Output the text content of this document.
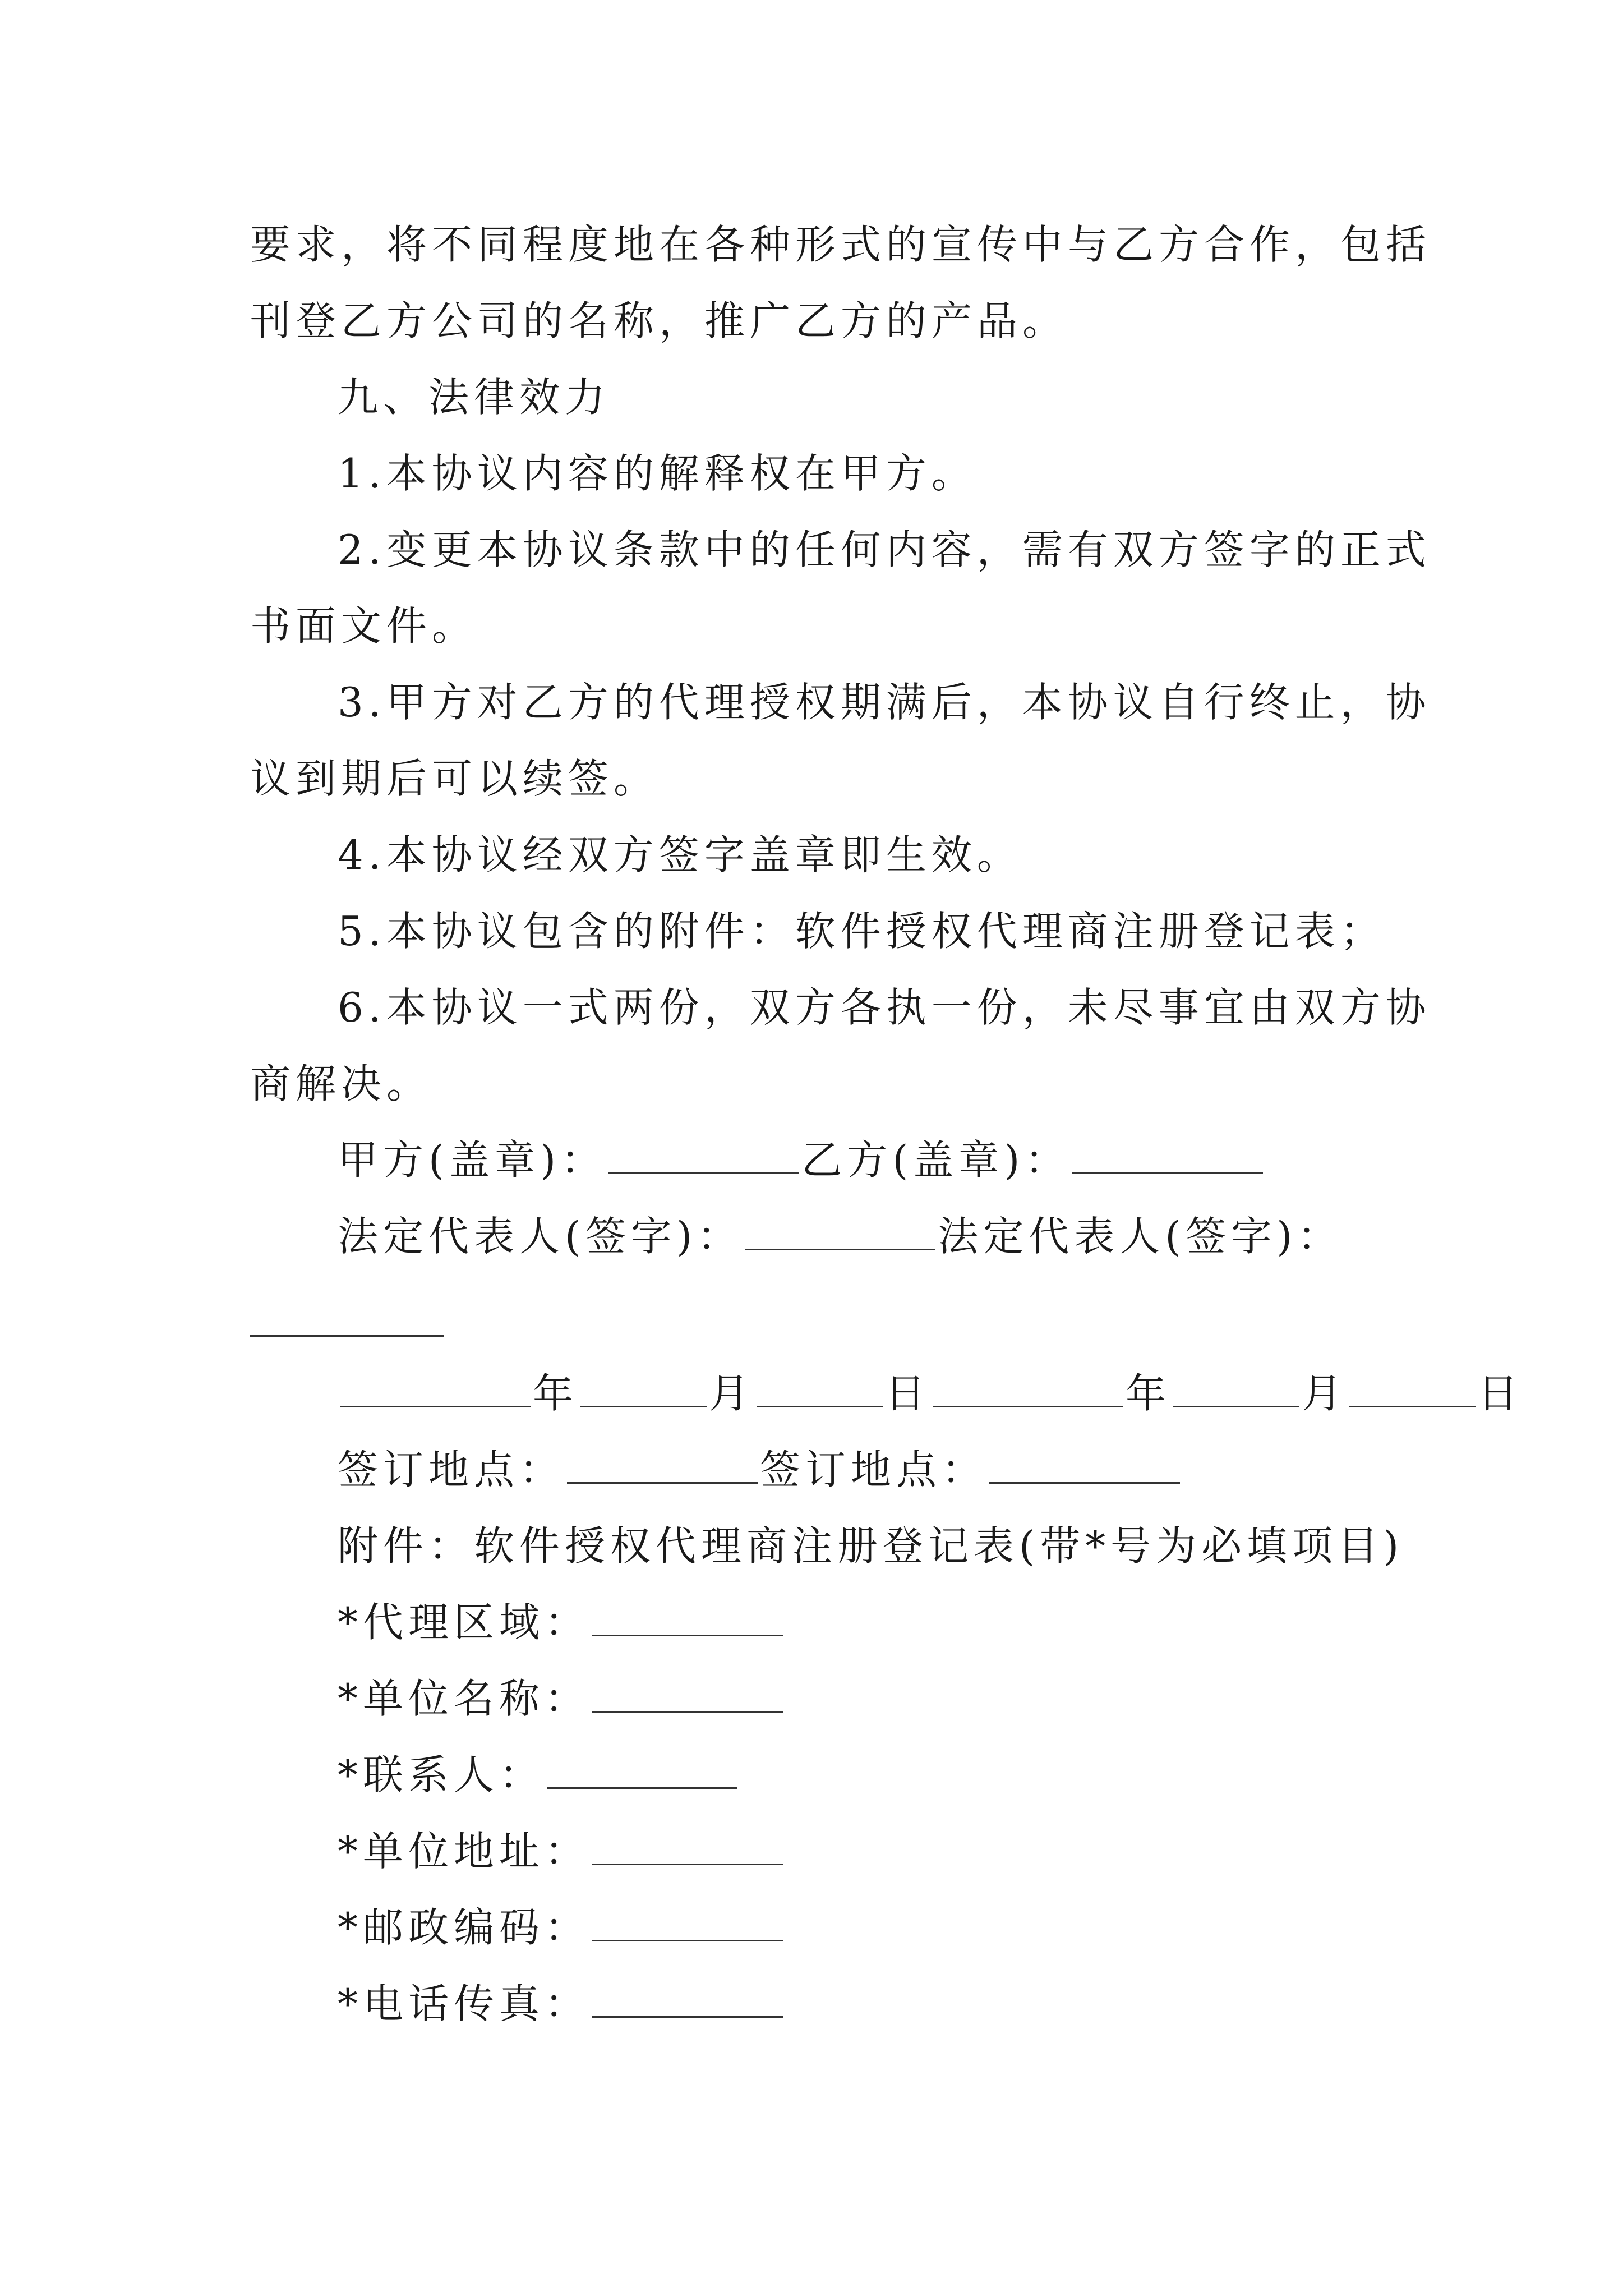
要求，将不同程度地在各种形式的宣传中与乙方合作，包括
刊登乙方公司的名称，推广乙方的产品。
九、法律效力
1.本协议内容的解释权在甲方。
2.变更本协议条款中的任何内容，需有双方签字的正式
书面文件。
3.甲方对乙方的代理授权期满后，本协议自行终止，协
议到期后可以续签。
4.本协议经双方签字盖章即生效。
5.本协议包含的附件：软件授权代理商注册登记表；
6.本协议一式两份，双方各执一份，未尽事宜由双方协
商解决。
甲方(盖章)：	乙方(盖章)：
法定代表人(签字)：	法定代表人(签字)：
年	月	日	年	月	日
签订地点：	签订地点：
附件：软件授权代理商注册登记表(带*号为必填项目)
*代理区域：
*单位名称：
*联系人：
*单位地址：
*邮政编码：
*电话传真：
